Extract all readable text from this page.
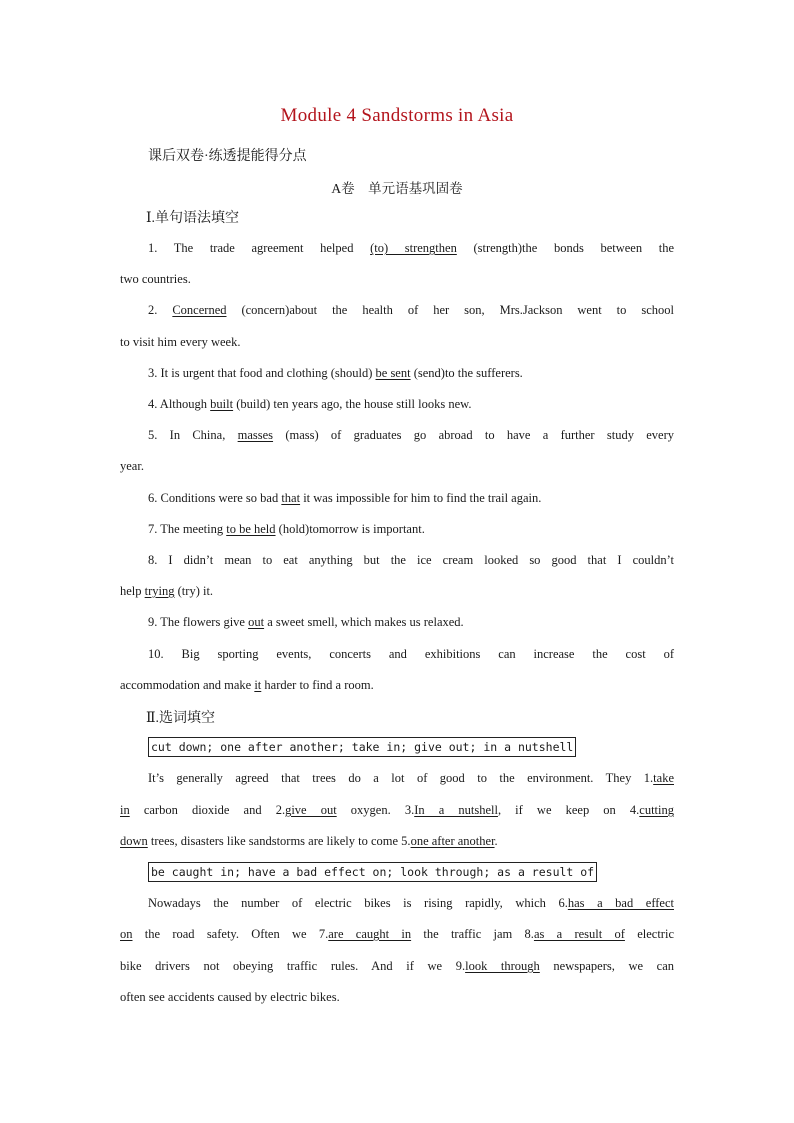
Module 4 Sandstorms in Asia
课后双卷·练透提能得分点
A卷　单元语基巩固卷
Ⅰ.单句语法填空
1. The trade agreement helped (to) strengthen (strength)the bonds between the
two countries.
2. Concerned (concern)about the health of her son, Mrs.Jackson went to school
to visit him every week.
3. It is urgent that food and clothing (should) be sent (send)to the sufferers.
4. Although built (build) ten years ago, the house still looks new.
5. In China, masses (mass) of graduates go abroad to have a further study every
year.
6. Conditions were so bad that it was impossible for him to find the trail again.
7. The meeting to be held (hold)tomorrow is important.
8. I didn’t mean to eat anything but the ice cream looked so good that I couldn’t
help trying (try) it.
9. The flowers give out a sweet smell, which makes us relaxed.
10. Big sporting events, concerts and exhibitions can increase the cost of
accommodation and make it harder to find a room.
Ⅱ.选词填空
cut down; one after another; take in; give out; in a nutshell
It’s generally agreed that trees do a lot of good to the environment. They 1.take
in carbon dioxide and 2.give out oxygen. 3.In a nutshell, if we keep on 4.cutting
down trees, disasters like sandstorms are likely to come 5.one after another.
be caught in; have a bad effect on; look through; as a result of
Nowadays the number of electric bikes is rising rapidly, which 6.has a bad effect
on the road safety. Often we 7.are caught in the traffic jam 8.as a result of electric
bike drivers not obeying traffic rules. And if we 9.look through newspapers, we can
often see accidents caused by electric bikes.
